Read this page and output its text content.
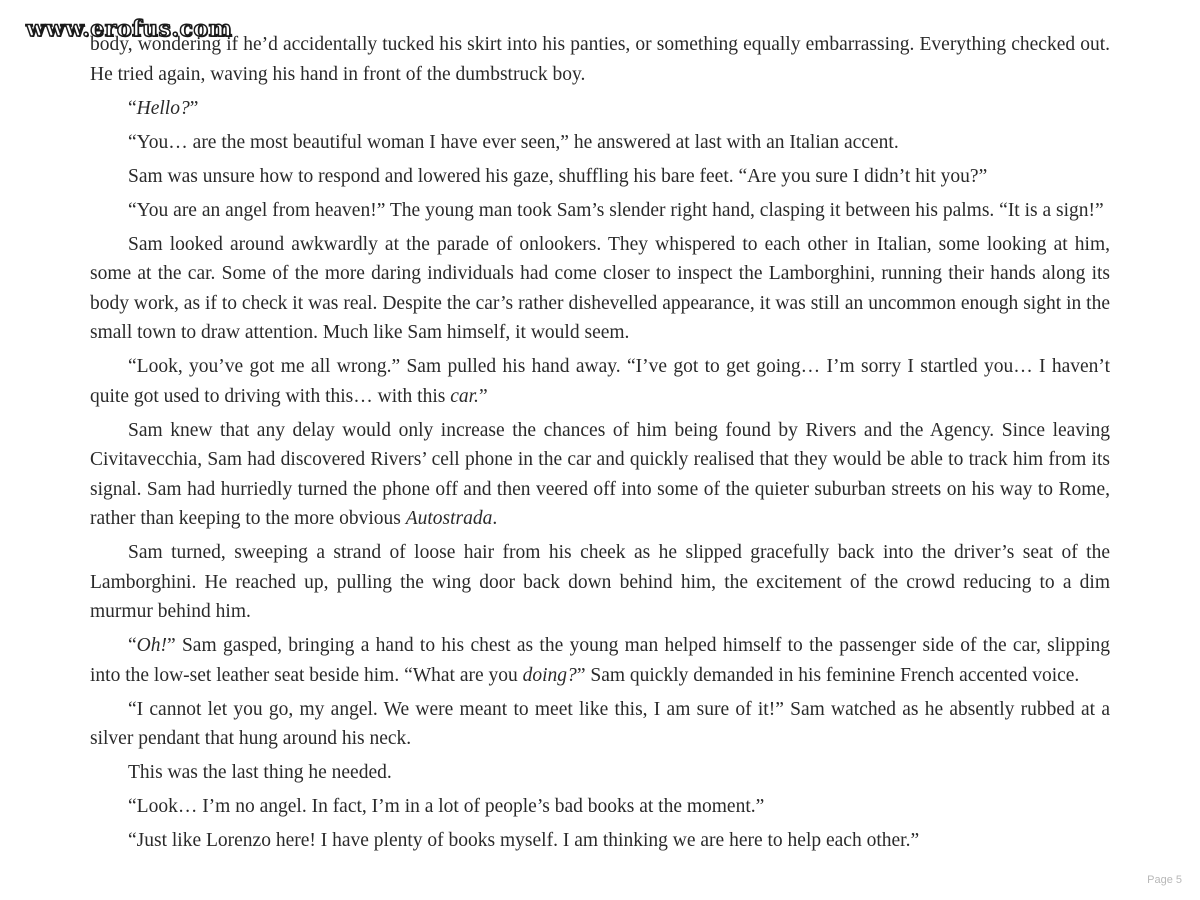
www.erofus.com

body, wondering if he’d accidentally tucked his skirt into his panties, or something equally embarrassing. Everything checked out. He tried again, waving his hand in front of the dumbstruck boy.

“Hello?”

“You… are the most beautiful woman I have ever seen,” he answered at last with an Italian accent.

Sam was unsure how to respond and lowered his gaze, shuffling his bare feet. “Are you sure I didn’t hit you?”

“You are an angel from heaven!” The young man took Sam’s slender right hand, clasping it between his palms. “It is a sign!”

Sam looked around awkwardly at the parade of onlookers. They whispered to each other in Italian, some looking at him, some at the car. Some of the more daring individuals had come closer to inspect the Lamborghini, running their hands along its body work, as if to check it was real. Despite the car’s rather dishevelled appearance, it was still an uncommon enough sight in the small town to draw attention. Much like Sam himself, it would seem.

“Look, you’ve got me all wrong.” Sam pulled his hand away. “I’ve got to get going… I’m sorry I startled you… I haven’t quite got used to driving with this… with this car.”

Sam knew that any delay would only increase the chances of him being found by Rivers and the Agency. Since leaving Civitavecchia, Sam had discovered Rivers’ cell phone in the car and quickly realised that they would be able to track him from its signal. Sam had hurriedly turned the phone off and then veered off into some of the quieter suburban streets on his way to Rome, rather than keeping to the more obvious Autostrada.

Sam turned, sweeping a strand of loose hair from his cheek as he slipped gracefully back into the driver’s seat of the Lamborghini. He reached up, pulling the wing door back down behind him, the excitement of the crowd reducing to a dim murmur behind him.

“Oh!” Sam gasped, bringing a hand to his chest as the young man helped himself to the passenger side of the car, slipping into the low-set leather seat beside him. “What are you doing?” Sam quickly demanded in his feminine French accented voice.

“I cannot let you go, my angel. We were meant to meet like this, I am sure of it!” Sam watched as he absently rubbed at a silver pendant that hung around his neck.

This was the last thing he needed.

“Look… I’m no angel. In fact, I’m in a lot of people’s bad books at the moment.”

“Just like Lorenzo here! I have plenty of books myself. I am thinking we are here to help each other.”

Page 5
